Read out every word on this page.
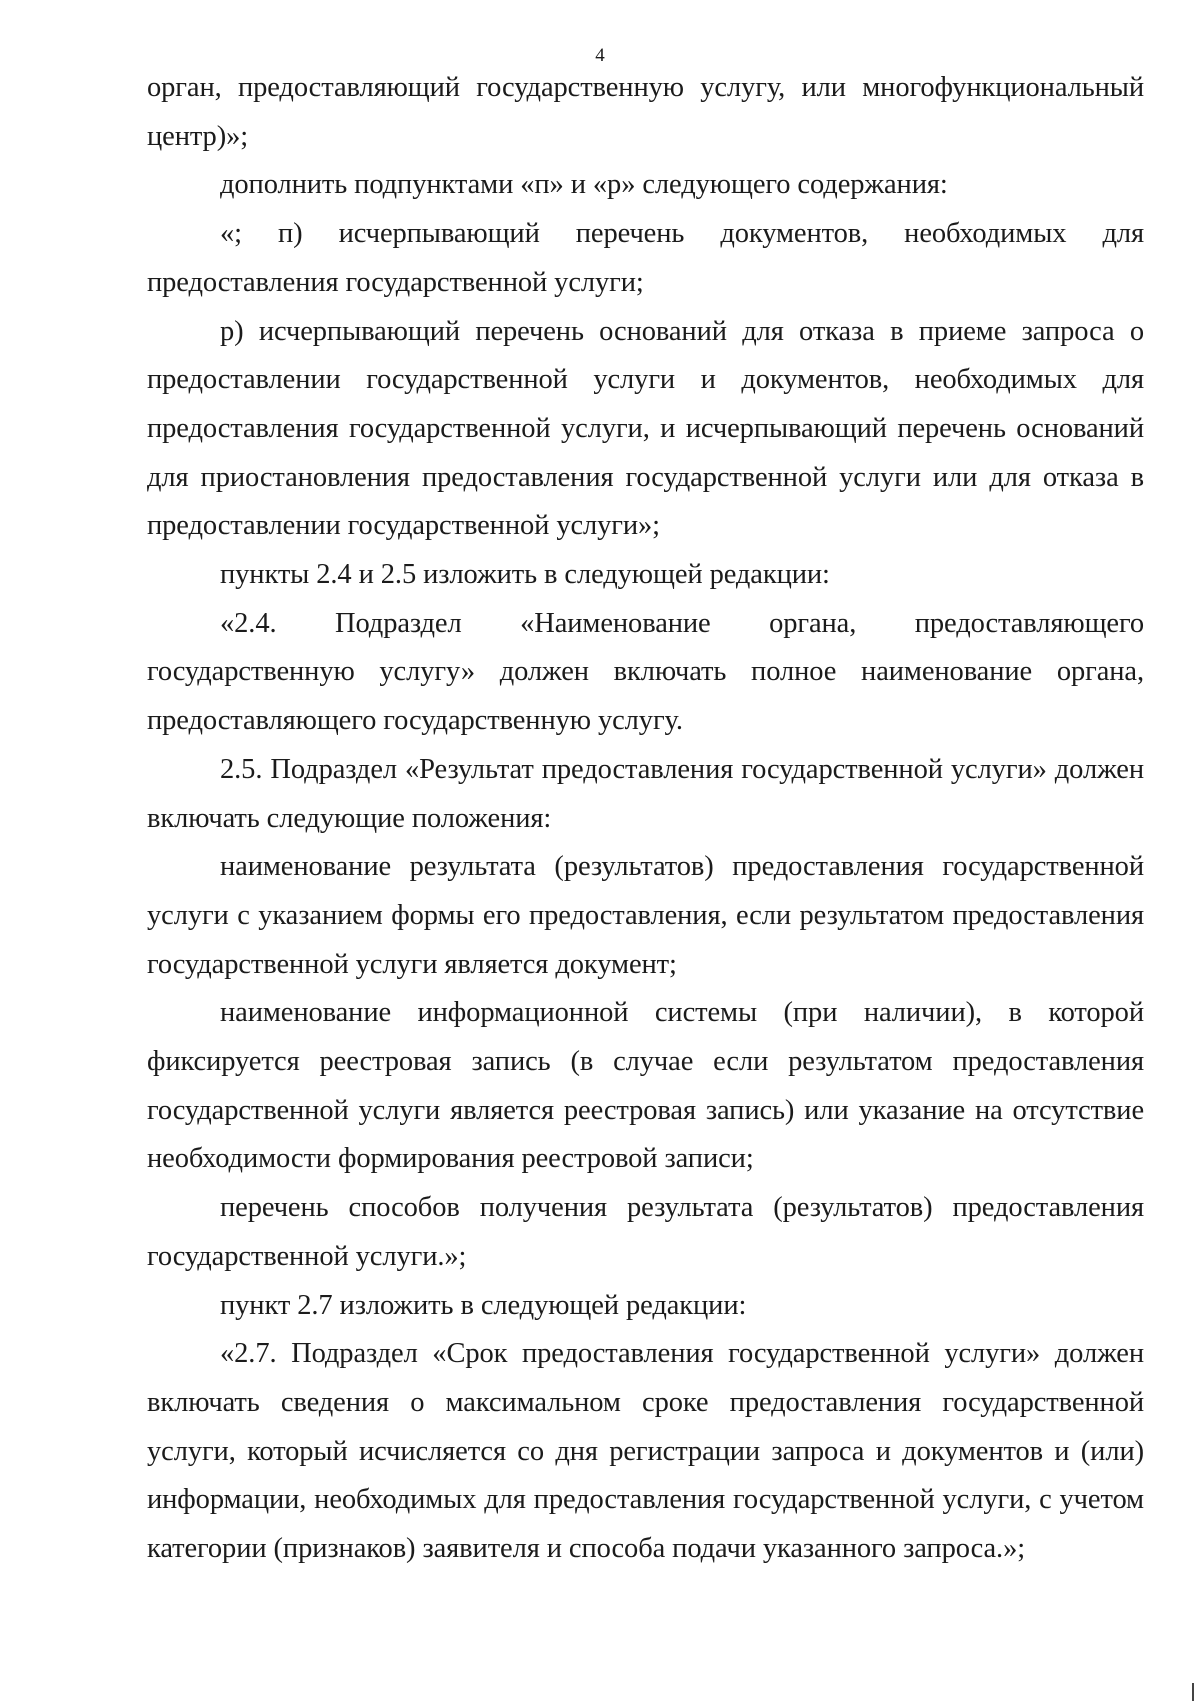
4

орган, предоставляющий государственную услугу, или многофункциональный центр)»;

дополнить подпунктами «п» и «р» следующего содержания:

«; п) исчерпывающий перечень документов, необходимых для предоставления государственной услуги;

р) исчерпывающий перечень оснований для отказа в приеме запроса о предоставлении государственной услуги и документов, необходимых для предоставления государственной услуги, и исчерпывающий перечень оснований для приостановления предоставления государственной услуги или для отказа в предоставлении государственной услуги»;

пункты 2.4 и 2.5 изложить в следующей редакции:

«2.4. Подраздел «Наименование органа, предоставляющего государственную услугу» должен включать полное наименование органа, предоставляющего государственную услугу.

2.5. Подраздел «Результат предоставления государственной услуги» должен включать следующие положения:

наименование результата (результатов) предоставления государственной услуги с указанием формы его предоставления, если результатом предоставления государственной услуги является документ;

наименование информационной системы (при наличии), в которой фиксируется реестровая запись (в случае если результатом предоставления государственной услуги является реестровая запись) или указание на отсутствие необходимости формирования реестровой записи;

перечень способов получения результата (результатов) предоставления государственной услуги.»;

пункт 2.7 изложить в следующей редакции:

«2.7. Подраздел «Срок предоставления государственной услуги» должен включать сведения о максимальном сроке предоставления государственной услуги, который исчисляется со дня регистрации запроса и документов и (или) информации, необходимых для предоставления государственной услуги, с учетом категории (признаков) заявителя и способа подачи указанного запроса.»;
